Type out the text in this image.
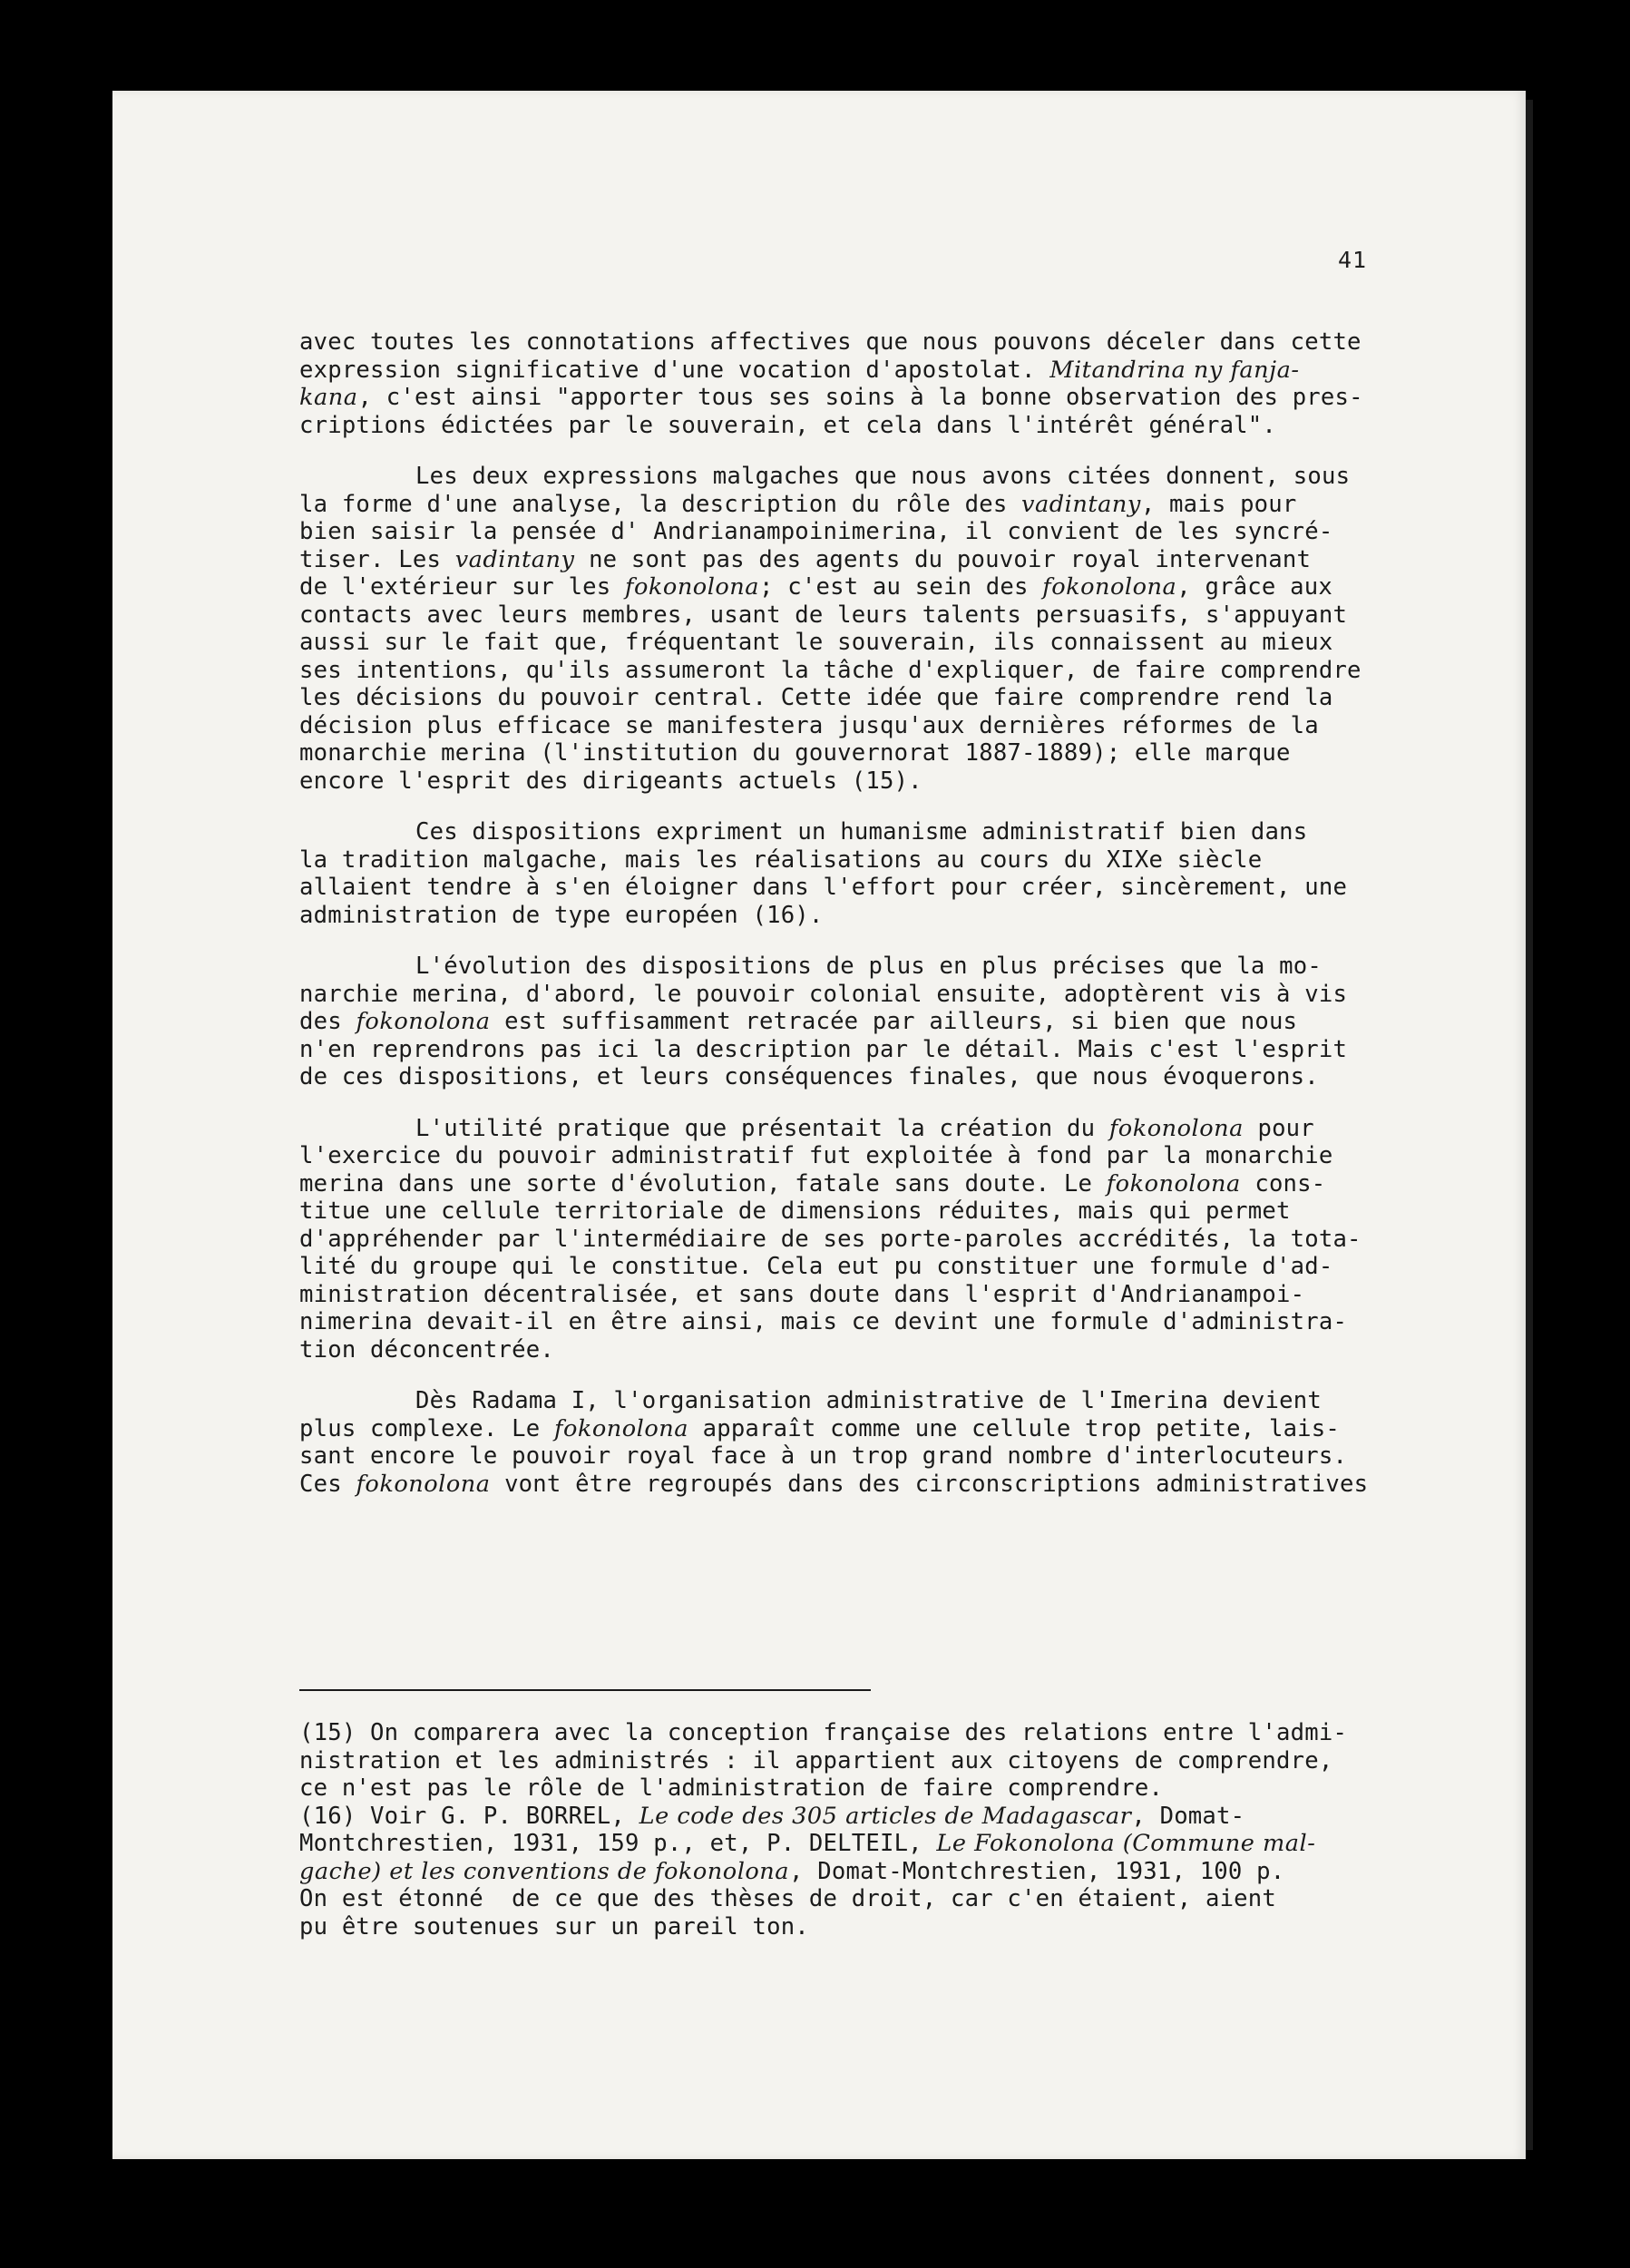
41

avec toutes les connotations affectives que nous pouvons déceler dans cette
expression significative d'une vocation d'apostolat. Mitandrina ny fanja-
kana, c'est ainsi "apporter tous ses soins à la bonne observation des pres-
criptions édictées par le souverain, et cela dans l'intérêt général".

Les deux expressions malgaches que nous avons citées donnent, sous
la forme d'une analyse, la description du rôle des vadintany, mais pour
bien saisir la pensée d' Andrianampoinimerina, il convient de les syncré-
tiser. Les vadintany ne sont pas des agents du pouvoir royal intervenant
de l'extérieur sur les fokonolona; c'est au sein des fokonolona, grâce aux
contacts avec leurs membres, usant de leurs talents persuasifs, s'appuyant
aussi sur le fait que, fréquentant le souverain, ils connaissent au mieux
ses intentions, qu'ils assumeront la tâche d'expliquer, de faire comprendre
les décisions du pouvoir central. Cette idée que faire comprendre rend la
décision plus efficace se manifestera jusqu'aux dernières réformes de la
monarchie merina (l'institution du gouvernorat 1887-1889); elle marque
encore l'esprit des dirigeants actuels (15).

Ces dispositions expriment un humanisme administratif bien dans
la tradition malgache, mais les réalisations au cours du XIXe siècle
allaient tendre à s'en éloigner dans l'effort pour créer, sincèrement, une
administration de type européen (16).

L'évolution des dispositions de plus en plus précises que la mo-
narchie merina, d'abord, le pouvoir colonial ensuite, adoptèrent vis à vis
des fokonolona est suffisamment retracée par ailleurs, si bien que nous
n'en reprendrons pas ici la description par le détail. Mais c'est l'esprit
de ces dispositions, et leurs conséquences finales, que nous évoquerons.

L'utilité pratique que présentait la création du fokonolona pour
l'exercice du pouvoir administratif fut exploitée à fond par la monarchie
merina dans une sorte d'évolution, fatale sans doute. Le fokonolona cons-
titue une cellule territoriale de dimensions réduites, mais qui permet
d'appréhender par l'intermédiaire de ses porte-paroles accrédités, la tota-
lité du groupe qui le constitue. Cela eut pu constituer une formule d'ad-
ministration décentralisée, et sans doute dans l'esprit d'Andrianampoi-
nimerina devait-il en être ainsi, mais ce devint une formule d'administra-
tion déconcentrée.

Dès Radama I, l'organisation administrative de l'Imerina devient
plus complexe. Le fokonolona apparaît comme une cellule trop petite, lais-
sant encore le pouvoir royal face à un trop grand nombre d'interlocuteurs.
Ces fokonolona vont être regroupés dans des circonscriptions administratives

(15) On comparera avec la conception française des relations entre l'admi-
nistration et les administrés : il appartient aux citoyens de comprendre,
ce n'est pas le rôle de l'administration de faire comprendre.
(16) Voir G. P. BORREL, Le code des 305 articles de Madagascar, Domat-
Montchrestien, 1931, 159 p., et, P. DELTEIL, Le Fokonolona (Commune mal-
gache) et les conventions de fokonolona, Domat-Montchrestien, 1931, 100 p.
On est étonné  de ce que des thèses de droit, car c'en étaient, aient
pu être soutenues sur un pareil ton.
